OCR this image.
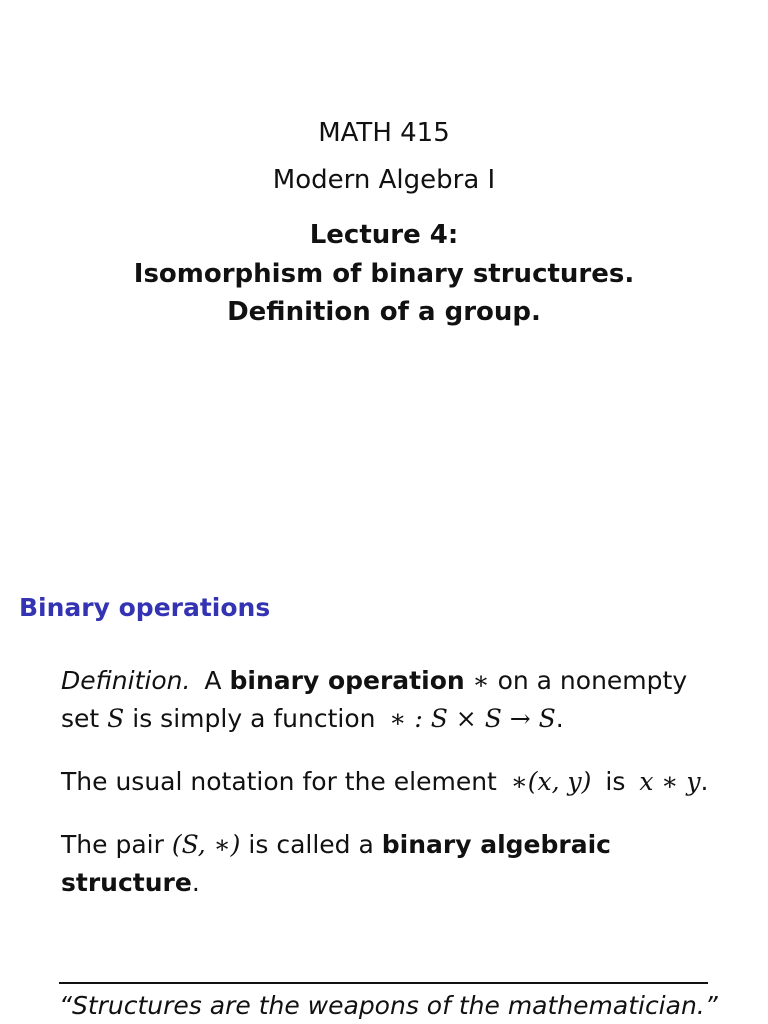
MATH 415
Modern Algebra I
Lecture 4:
Isomorphism of binary structures.
Definition of a group.
Binary operations
Definition. A binary operation ∗ on a nonempty
set S is simply a function ∗ : S × S → S.
The usual notation for the element ∗(x, y) is x ∗ y.
The pair (S, ∗) is called a binary algebraic
structure.
“Structures are the weapons of the mathematician.”
